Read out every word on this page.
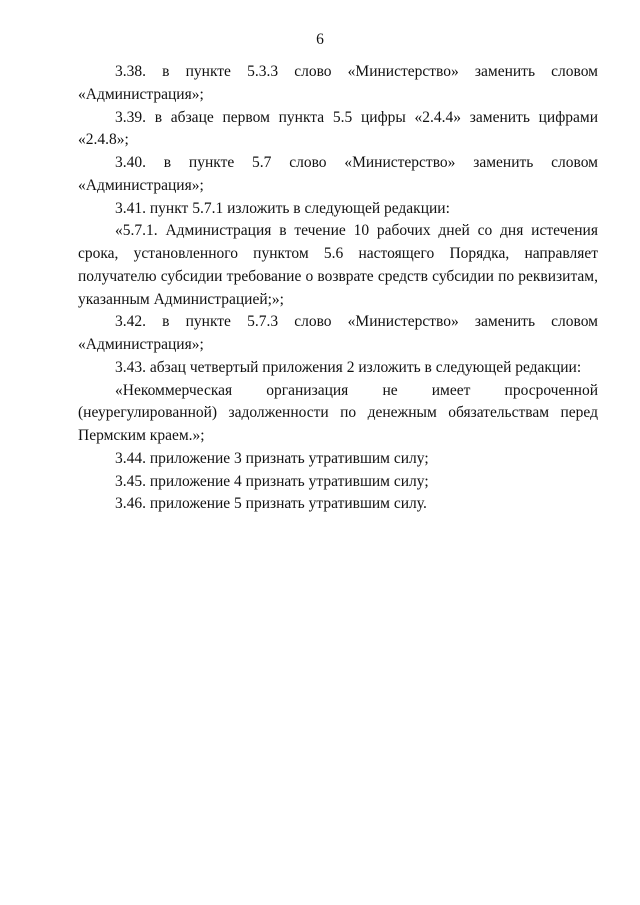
6

3.38. в пункте 5.3.3 слово «Министерство» заменить словом

«Администрация»;

3.39. в абзаце первом пункта 5.5 цифры «2.4.4» заменить цифрами

«2.4.8»;

3.40. в пункте 5.7 слово «Министерство» заменить словом

«Администрация»;

3.41. пункт 5.7.1 изложить в следующей редакции:

«5.7.1. Администрация в течение 10 рабочих дней со дня истечения срока, установленного пунктом 5.6 настоящего Порядка, направляет получателю субсидии требование о возврате средств субсидии по реквизитам, указанным Администрацией;»;

3.42. в пункте 5.7.3 слово «Министерство» заменить словом

«Администрация»;

3.43. абзац четвертый приложения 2 изложить в следующей редакции:

«Некоммерческая организация не имеет просроченной (неурегулированной) задолженности по денежным обязательствам перед Пермским краем.»;

3.44. приложение 3 признать утратившим силу;

3.45. приложение 4 признать утратившим силу;

3.46. приложение 5 признать утратившим силу.
